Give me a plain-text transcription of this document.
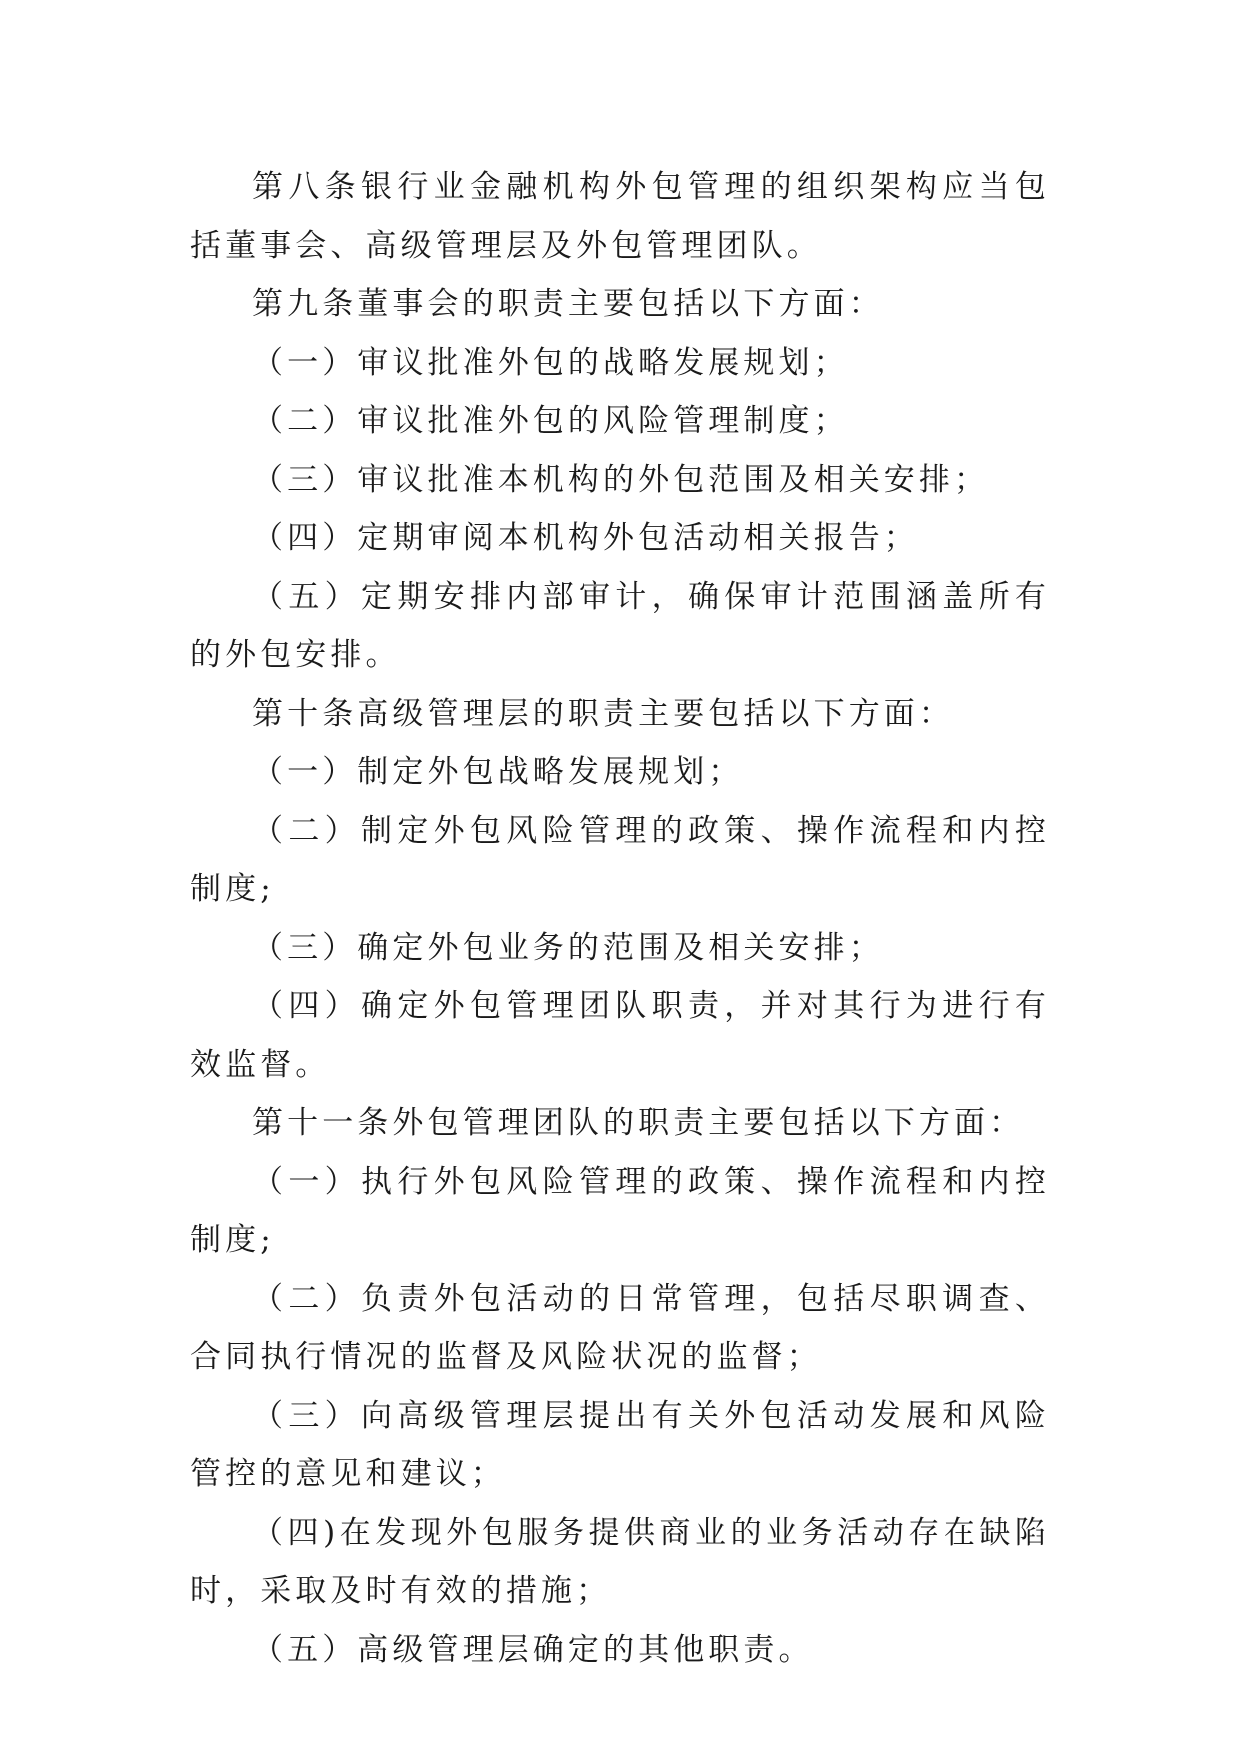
第八条银行业金融机构外包管理的组织架构应当包括董事会、高级管理层及外包管理团队。

第九条董事会的职责主要包括以下方面：

（一）审议批准外包的战略发展规划；

（二）审议批准外包的风险管理制度；

（三）审议批准本机构的外包范围及相关安排；

（四）定期审阅本机构外包活动相关报告；

（五）定期安排内部审计，确保审计范围涵盖所有的外包安排。

第十条高级管理层的职责主要包括以下方面：

（一）制定外包战略发展规划；

（二）制定外包风险管理的政策、操作流程和内控制度;

（三）确定外包业务的范围及相关安排；

（四）确定外包管理团队职责，并对其行为进行有效监督。

第十一条外包管理团队的职责主要包括以下方面：

（一）执行外包风险管理的政策、操作流程和内控制度;

（二）负责外包活动的日常管理，包括尽职调查、合同执行情况的监督及风险状况的监督；

（三）向高级管理层提出有关外包活动发展和风险管控的意见和建议；

（四)在发现外包服务提供商业的业务活动存在缺陷时，采取及时有效的措施；

（五）高级管理层确定的其他职责。
